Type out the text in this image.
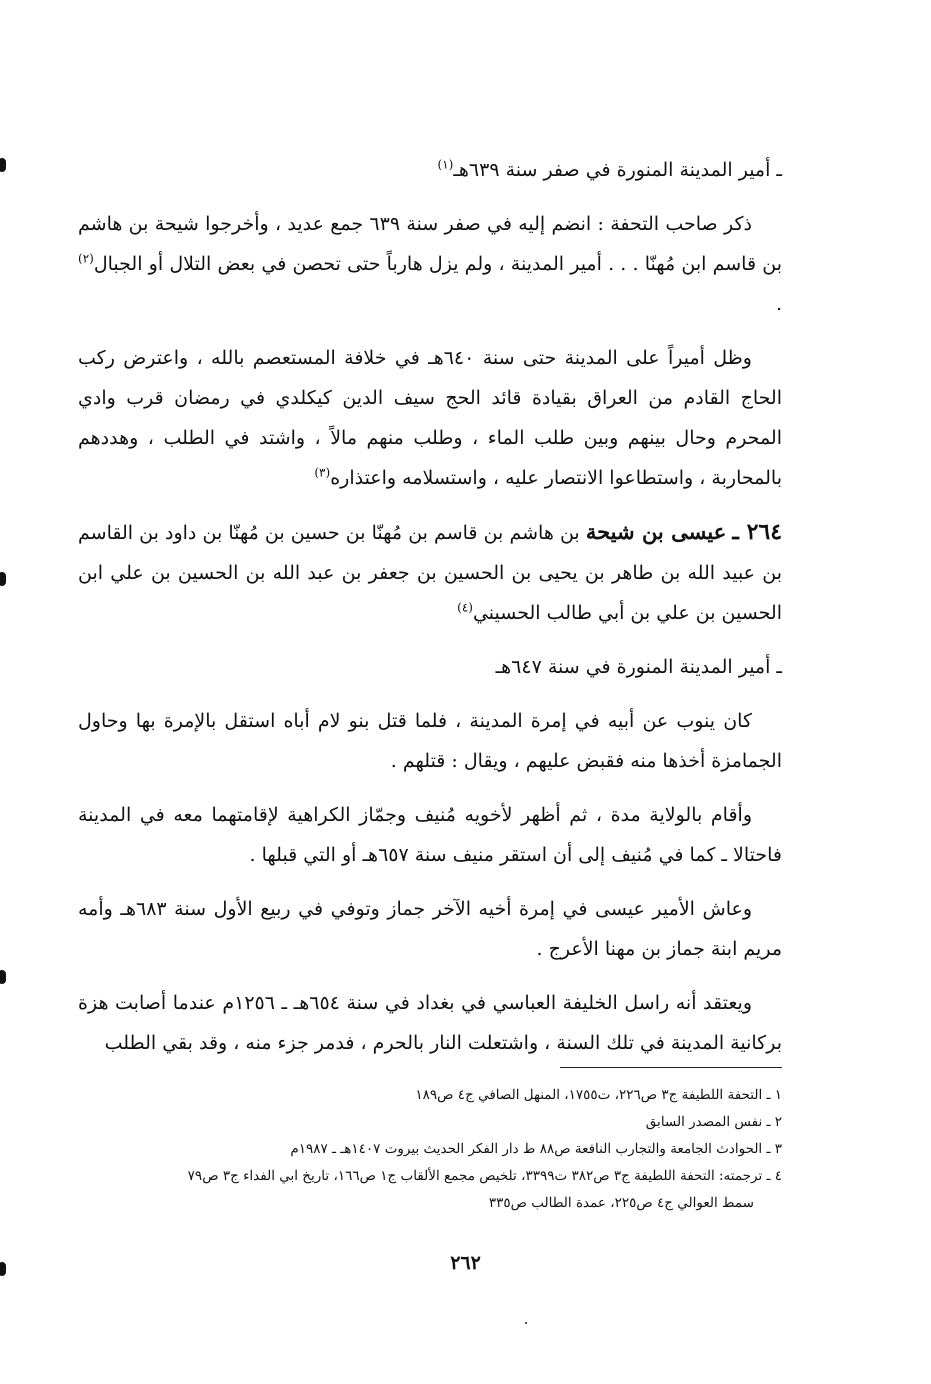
ـ أمير المدينة المنورة في صفر سنة ٦٣٩هـ$^{(١)}$

ذكر صاحب التحفة : انضم إليه في صفر سنة ٦٣٩ جمع عديد ، وأخرجوا شيحة بن هاشم بن قاسم ابن مُهنّا . . . أمير المدينة ، ولم يزل هارباً حتى تحصن في بعض التلال أو الجبال$^{(٢)}$ .

وظل أميراً على المدينة حتى سنة ٦٤٠هـ في خلافة المستعصم بالله ، واعترض ركب الحاج القادم من العراق بقيادة قائد الحج سيف الدين كيكلدي في رمضان قرب وادي المحرم وحال بينهم وبين طلب الماء ، وطلب منهم مالاً ، واشتد في الطلب ، وهددهم بالمحاربة ، واستطاعوا الانتصار عليه ، واستسلامه واعتذاره$^{(٣)}$

٢٦٤ ـ عيسى بن شيحة بن هاشم بن قاسم بن مُهنّا بن حسين بن مُهنّا بن داود بن القاسم بن عبيد الله بن طاهر بن يحيى بن الحسين بن جعفر بن عبد الله بن الحسين بن علي ابن الحسين بن علي بن أبي طالب الحسيني$^{(٤)}$

ـ أمير المدينة المنورة في سنة ٦٤٧هـ

كان ينوب عن أبيه في إمرة المدينة ، فلما قتل بنو لام أباه استقل بالإمرة بها وحاول الجمامزة أخذها منه فقبض عليهم ، ويقال : قتلهم .

وأقام بالولاية مدة ، ثم أظهر لأخويه مُنيف وجمّاز الكراهية لإقامتهما معه في المدينة فاحتالا ـ كما في مُنيف إلى أن استقر منيف سنة ٦٥٧هـ أو التي قبلها .

وعاش الأمير عيسى في إمرة أخيه الآخر جماز وتوفي في ربيع الأول سنة ٦٨٣هـ وأمه مريم ابنة جماز بن مهنا الأعرج .

ويعتقد أنه راسل الخليفة العباسي في بغداد في سنة ٦٥٤هـ ـ ١٢٥٦م عندما أصابت هزة بركانية المدينة في تلك السنة ، واشتعلت النار بالحرم ، فدمر جزء منه ، وقد بقي الطلب

١ ـ التحفة اللطيفة ج٣ ص٢٢٦، ت١٧٥٥، المنهل الصافي ج٤ ص١٨٩

٢ ـ نفس المصدر السابق

٣ ـ الحوادث الجامعة والتجارب النافعة ص٨٨ ط دار الفكر الحديث بيروت ١٤٠٧هـ ـ ١٩٨٧م

٤ ـ ترجمته: التحفة اللطيفة ج٣ ص٣٨٢ ت٣٣٩٩، تلخيص مجمع الألقاب ج١ ص١٦٦، تاريخ ابي الفداء ج٣ ص٧٩

سمط العوالي ج٤ ص٢٢٥، عمدة الطالب ص٣٣٥

٢٦٢
